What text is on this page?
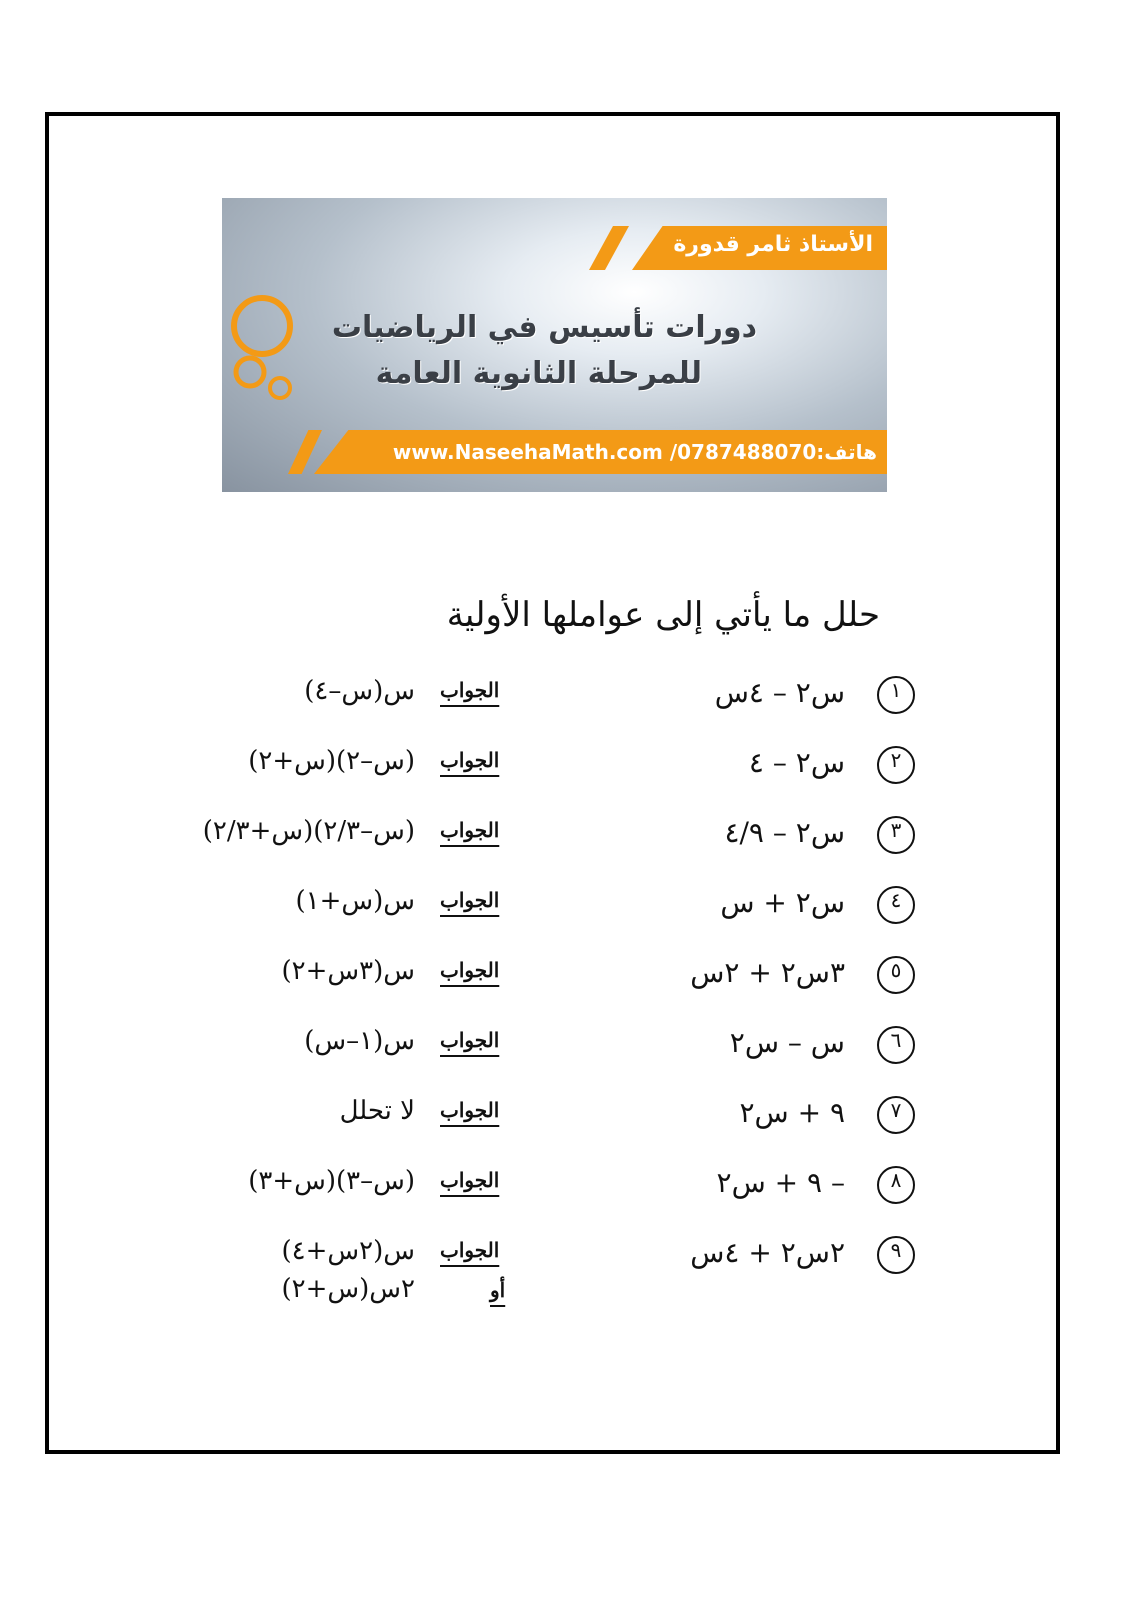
الأستاذ ثامر قدورة
دورات تأسيس في الرياضيات
للمرحلة الثانوية العامة
www.NaseehaMath.com /0787488070:هاتف
حلل ما يأتي إلى عواملها الأولية
١
س٢ – ٤س
الجواب
س(س–٤)
٢
س٢ – ٤
الجواب
(س–٢)(س+٢)
٣
س٢ – ٤/٩
الجواب
(س–٢/٣)(س+٢/٣)
٤
س٢ + س
الجواب
س(س+١)
٥
٣س٢ + ٢س
الجواب
س(٣س+٢)
٦
س – س٢
الجواب
س(١–س)
٧
٩ + س٢
الجواب
لا تحلل
٨
– ٩ + س٢
الجواب
(س–٣)(س+٣)
٩
٢س٢ + ٤س
الجواب
س(٢س+٤)
أو
٢س(س+٢)
